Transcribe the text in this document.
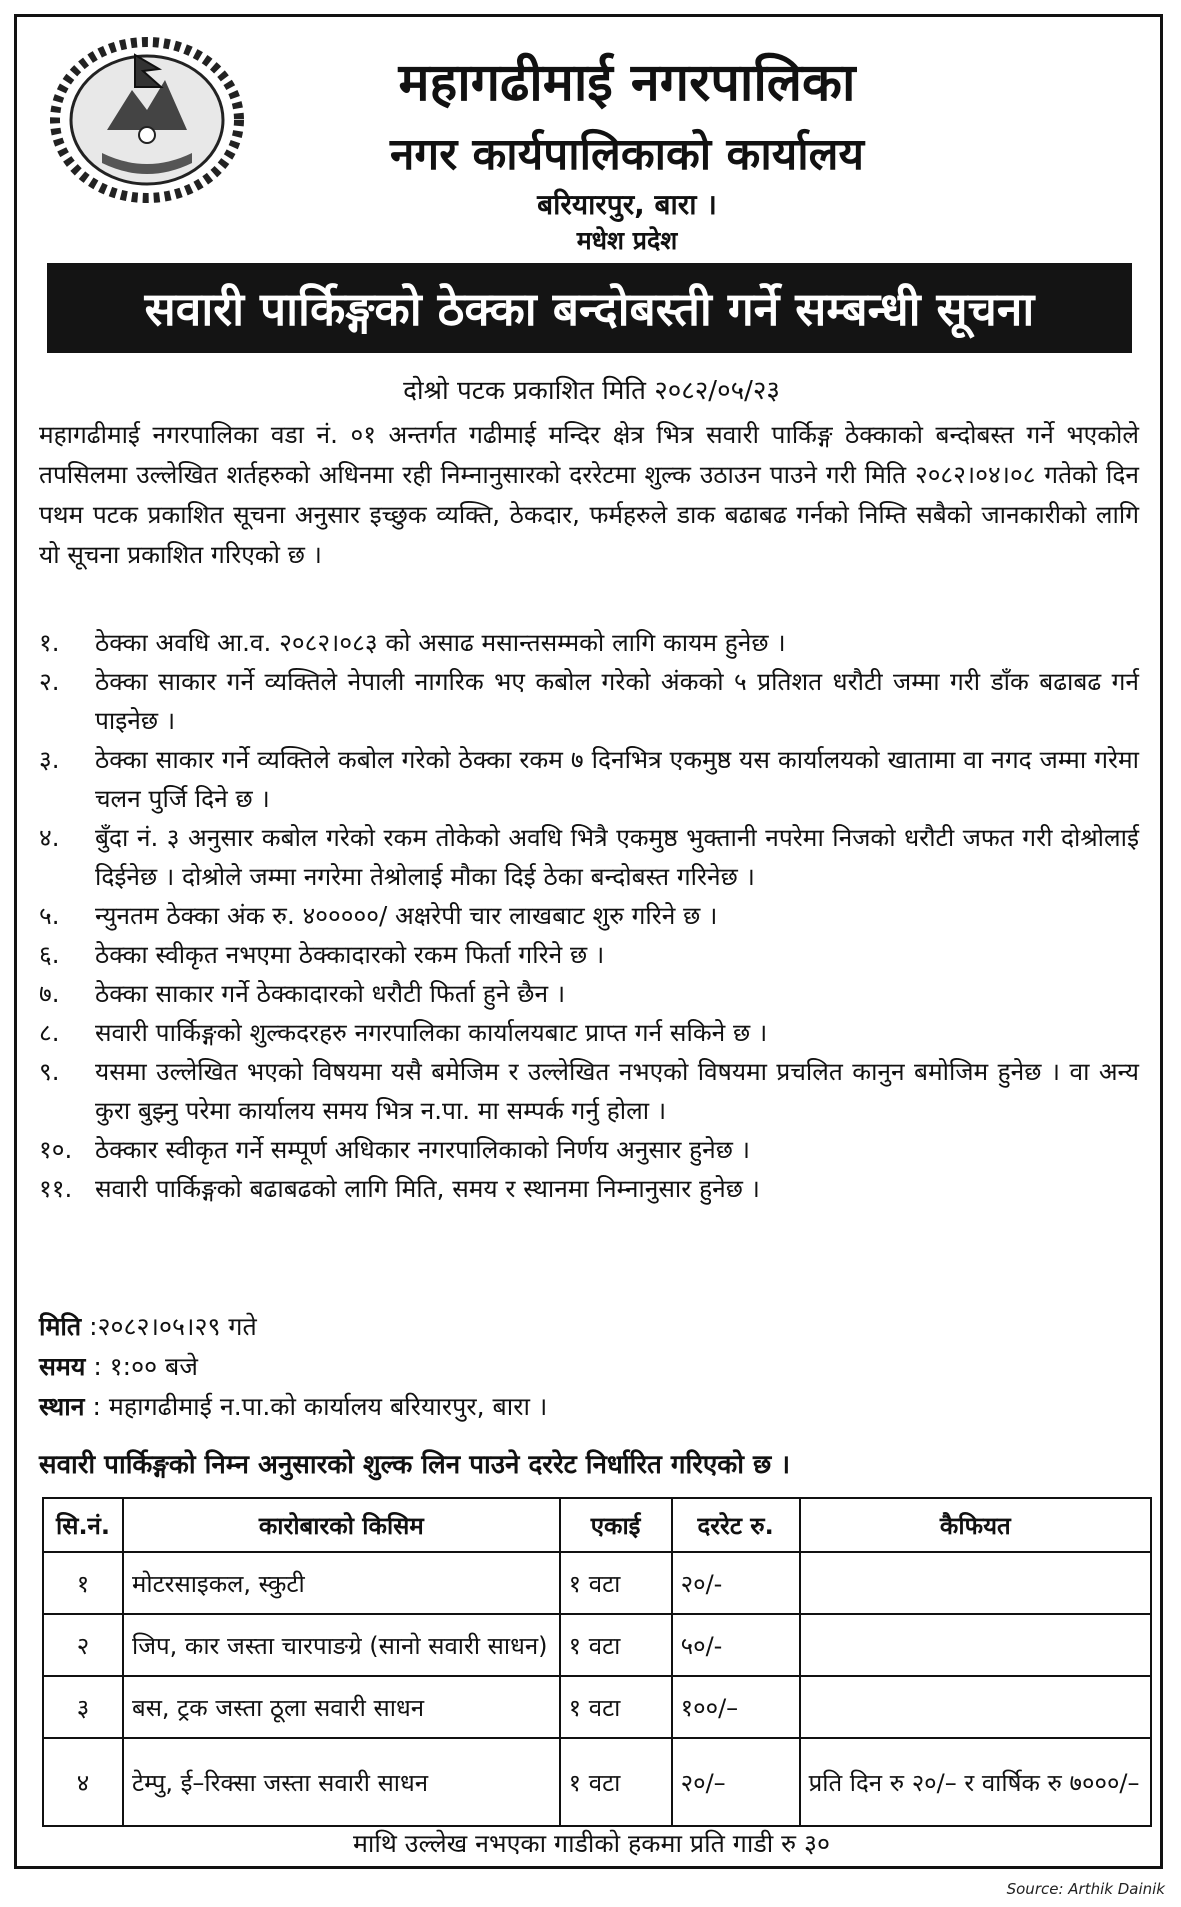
महागढीमाई नगरपालिका
नगर कार्यपालिकाको कार्यालय
बरियारपुर, बारा ।
मधेश प्रदेश
सवारी पार्किङ्गको ठेक्का बन्दोबस्ती गर्ने सम्बन्धी सूचना
दोश्रो पटक प्रकाशित मिति २०८२/०५/२३
महागढीमाई नगरपालिका वडा नं. ०१ अन्तर्गत गढीमाई मन्दिर क्षेत्र भित्र सवारी पार्किङ्ग ठेक्काको बन्दोबस्त गर्ने भएकोले तपसिलमा उल्लेखित शर्तहरुको अधिनमा रही निम्नानुसारको दररेटमा शुल्क उठाउन पाउने गरी मिति २०८२।०४।०८ गतेको दिन पथम पटक प्रकाशित सूचना अनुसार इच्छुक व्यक्ति, ठेकदार, फर्महरुले डाक बढाबढ गर्नको निम्ति सबैको जानकारीको लागि यो सूचना प्रकाशित गरिएको छ ।
१.	ठेक्का अवधि आ.व. २०८२।०८३ को असाढ मसान्तसम्मको लागि कायम हुनेछ ।
२.	ठेक्का साकार गर्ने व्यक्तिले नेपाली नागरिक भए कबोल गरेको अंकको ५ प्रतिशत धरौटी जम्मा गरी डाँक बढाबढ गर्न पाइनेछ ।
३.	ठेक्का साकार गर्ने व्यक्तिले कबोल गरेको ठेक्का रकम ७ दिनभित्र एकमुष्ठ यस कार्यालयको खातामा वा नगद जम्मा गरेमा चलन पुर्जि दिने छ ।
४.	बुँदा नं. ३ अनुसार कबोल गरेको रकम तोकेको अवधि भित्रै एकमुष्ठ भुक्तानी नपरेमा निजको धरौटी जफत गरी दोश्रोलाई दिईनेछ । दोश्रोले जम्मा नगरेमा तेश्रोलाई मौका दिई ठेका बन्दोबस्त गरिनेछ ।
५.	न्युनतम ठेक्का अंक रु. ४०००००/ अक्षरेपी चार लाखबाट शुरु गरिने छ ।
६.	ठेक्का स्वीकृत नभएमा ठेक्कादारको रकम फिर्ता गरिने छ ।
७.	ठेक्का साकार गर्ने ठेक्कादारको धरौटी फिर्ता हुने छैन ।
८.	सवारी पार्किङ्गको शुल्कदरहरु नगरपालिका कार्यालयबाट प्राप्त गर्न सकिने छ ।
९.	यसमा उल्लेखित भएको विषयमा यसै बमेजिम र उल्लेखित नभएको विषयमा प्रचलित कानुन बमोजिम हुनेछ । वा अन्य कुरा बुझ्नु परेमा कार्यालय समय भित्र न.पा. मा सम्पर्क गर्नु होला ।
१०. ठेक्कार स्वीकृत गर्ने सम्पूर्ण अधिकार नगरपालिकाको निर्णय अनुसार हुनेछ ।
११. सवारी पार्किङ्गको बढाबढको लागि मिति, समय र स्थानमा निम्नानुसार हुनेछ ।
मिति :२०८२।०५।२९ गते
समय : १:०० बजे
स्थान : महागढीमाई न.पा.को कार्यालय बरियारपुर, बारा ।
सवारी पार्किङ्गको निम्न अनुसारको शुल्क लिन पाउने दररेट निर्धारित गरिएको छ ।
सि.नं.	कारोबारको किसिम	एकाई	दररेट रु.	कैफियत
१	मोटरसाइकल, स्कुटी	१ वटा	२०/-	
२	जिप, कार जस्ता चारपाङग्रे (सानो सवारी साधन)	१ वटा	५०/-	
३	बस, ट्रक जस्ता ठूला सवारी साधन	१ वटा	१००/–	
४	टेम्पु, ई–रिक्सा जस्ता सवारी साधन	१ वटा	२०/–	प्रति दिन रु २०/– र वार्षिक रु ७०००/–
माथि उल्लेख नभएका गाडीको हकमा प्रति गाडी रु ३०
Source: Arthik Dainik
